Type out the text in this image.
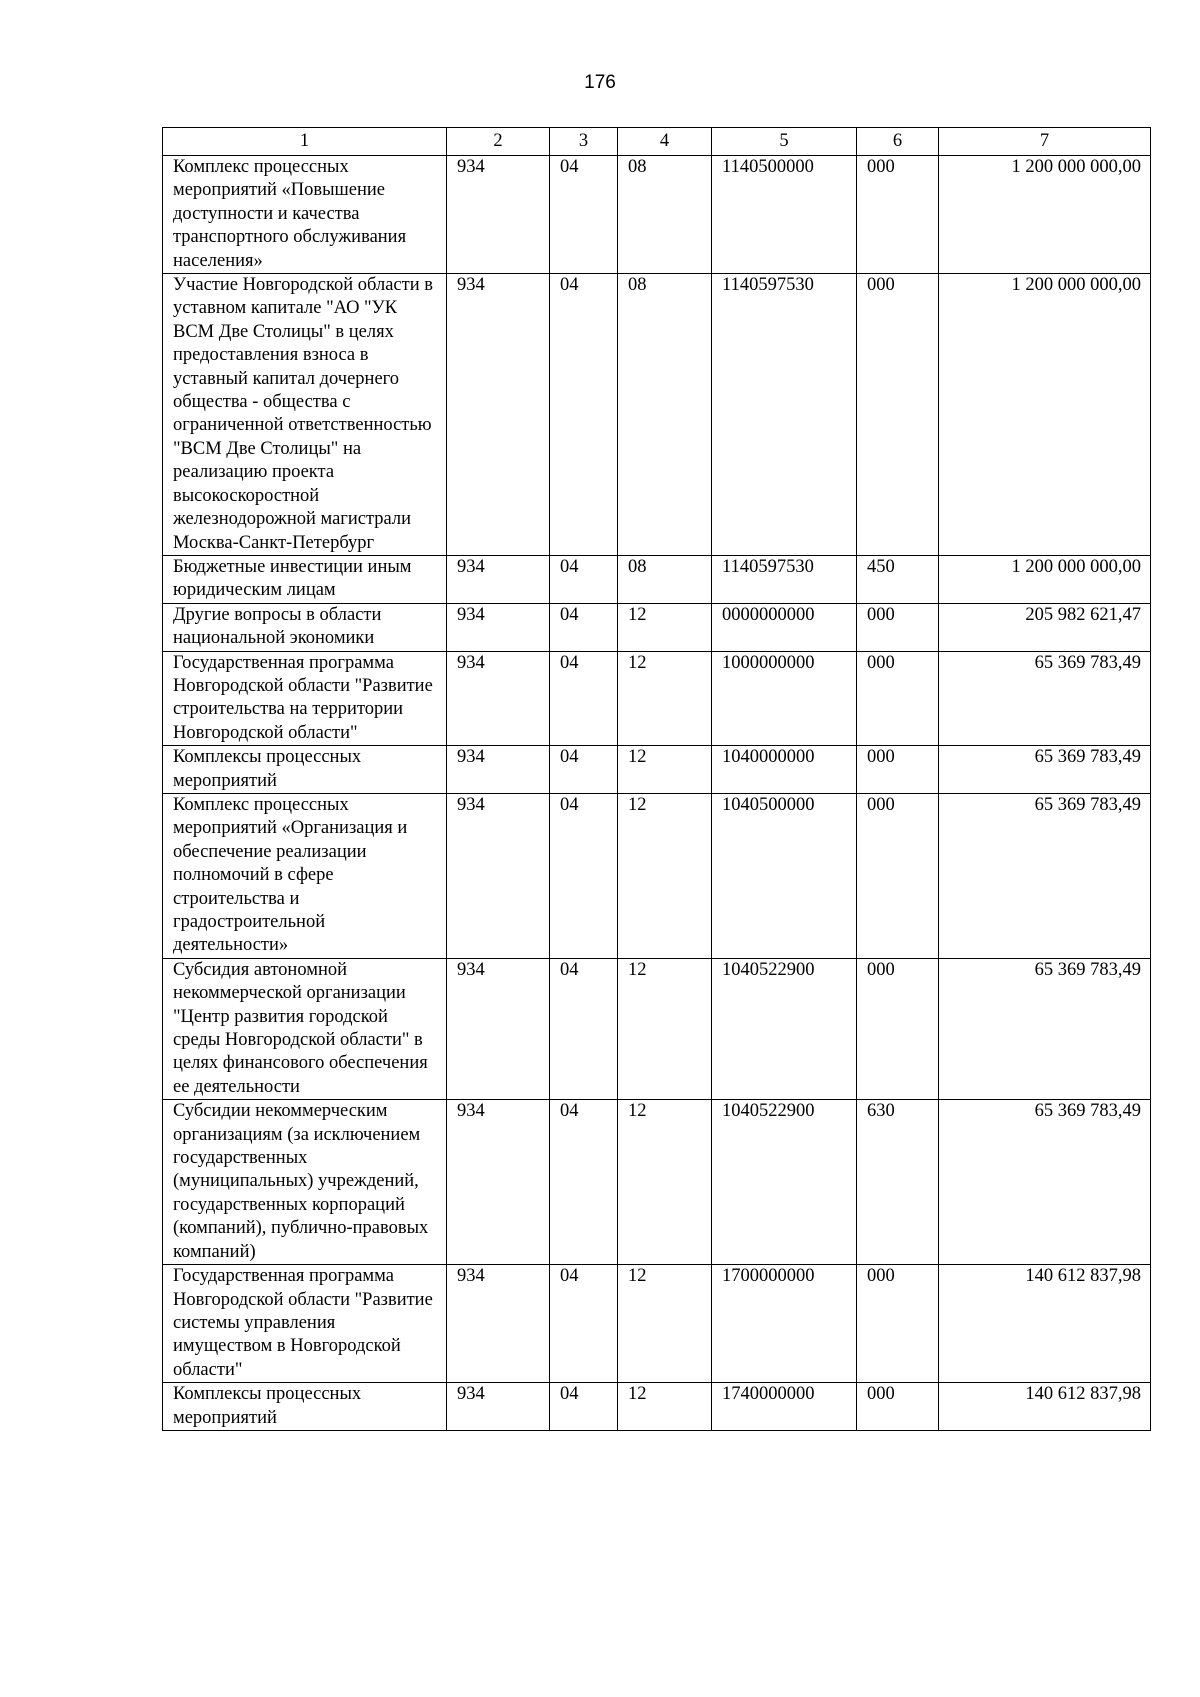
176
1	2	3	4	5	6	7
Комплекс процессных мероприятий «Повышение доступности и качества транспортного обслуживания населения»	934	04	08	1140500000	000	1 200 000 000,00
Участие Новгородской области в уставном капитале "АО "УК ВСМ Две Столицы" в целях предоставления взноса в уставный капитал дочернего общества - общества с ограниченной ответственностью "ВСМ Две Столицы" на реализацию проекта высокоскоростной железнодорожной магистрали Москва-Санкт-Петербург	934	04	08	1140597530	000	1 200 000 000,00
Бюджетные инвестиции иным юридическим лицам	934	04	08	1140597530	450	1 200 000 000,00
Другие вопросы в области национальной экономики	934	04	12	0000000000	000	205 982 621,47
Государственная программа Новгородской области "Развитие строительства на территории Новгородской области"	934	04	12	1000000000	000	65 369 783,49
Комплексы процессных мероприятий	934	04	12	1040000000	000	65 369 783,49
Комплекс процессных мероприятий «Организация и обеспечение реализации полномочий в сфере строительства и градостроительной деятельности»	934	04	12	1040500000	000	65 369 783,49
Субсидия автономной некоммерческой организации "Центр развития городской среды Новгородской области" в целях финансового обеспечения ее деятельности	934	04	12	1040522900	000	65 369 783,49
Субсидии некоммерческим организациям (за исключением государственных (муниципальных) учреждений, государственных корпораций (компаний), публично-правовых компаний)	934	04	12	1040522900	630	65 369 783,49
Государственная программа Новгородской области "Развитие системы управления имуществом в Новгородской области"	934	04	12	1700000000	000	140 612 837,98
Комплексы процессных мероприятий	934	04	12	1740000000	000	140 612 837,98
